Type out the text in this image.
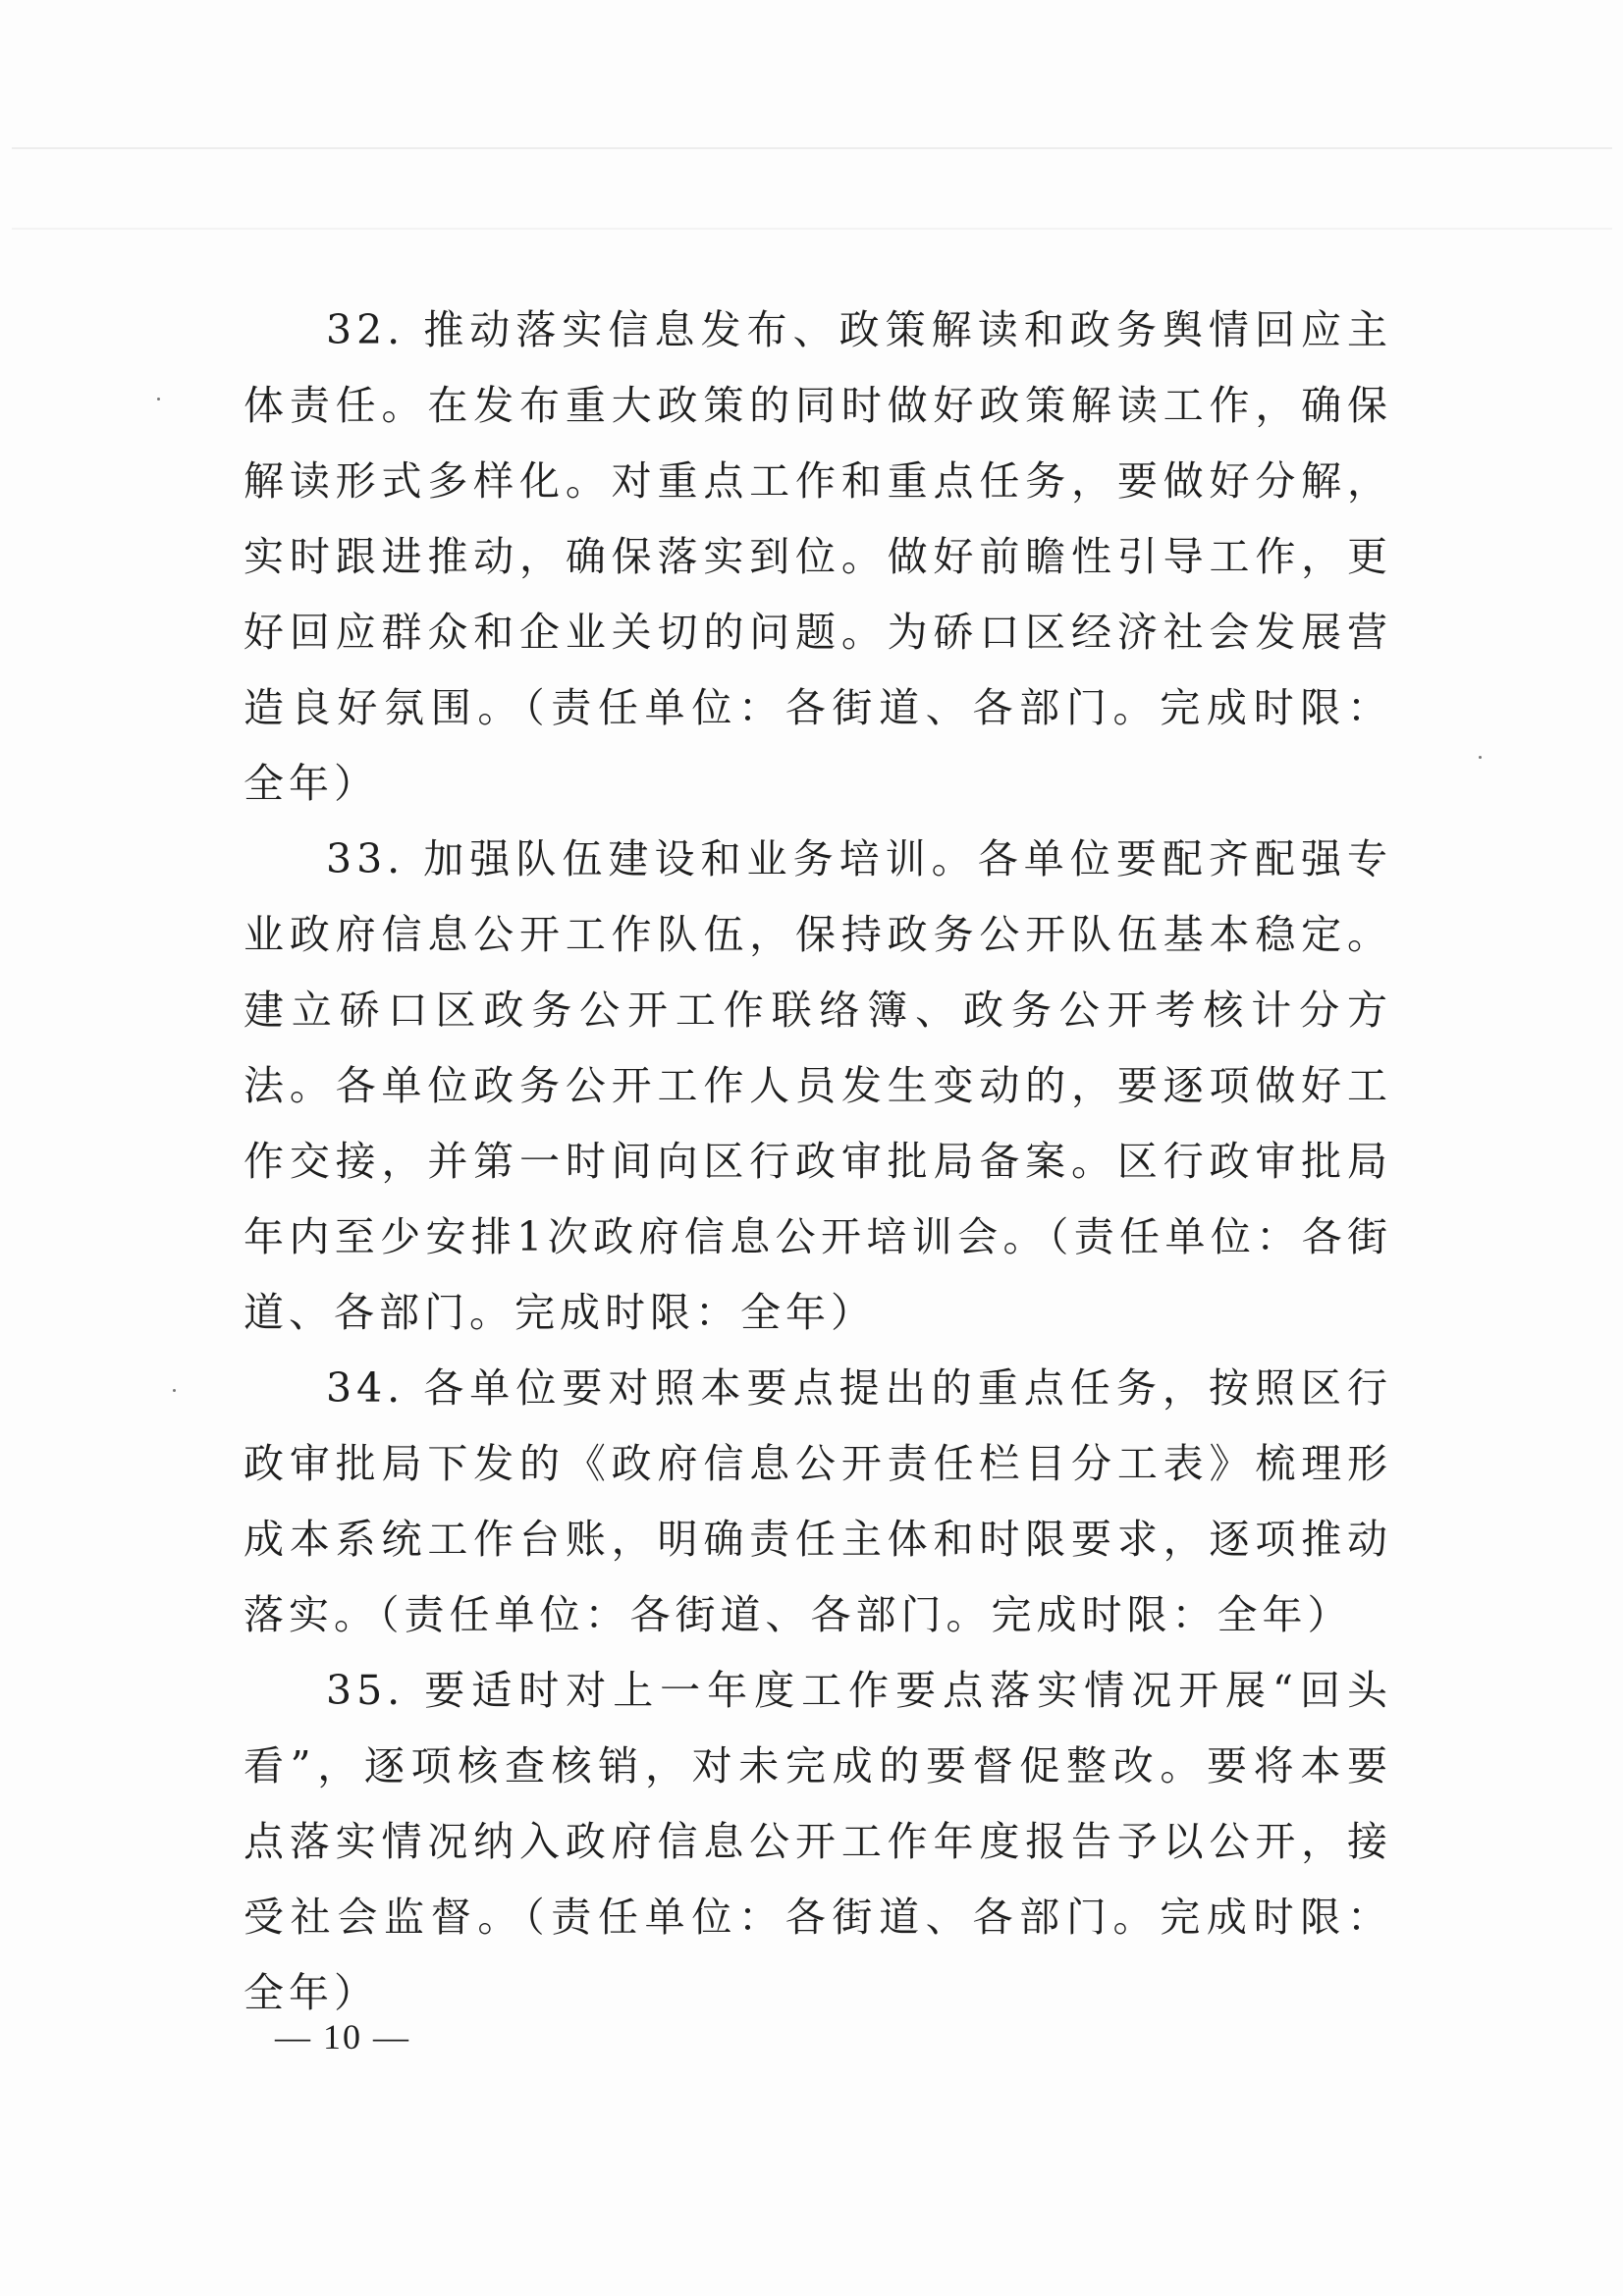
32. 推动落实信息发布、政策解读和政务舆情回应主体责任。在发布重大政策的同时做好政策解读工作，确保解读形式多样化。对重点工作和重点任务，要做好分解，实时跟进推动，确保落实到位。做好前瞻性引导工作，更好回应群众和企业关切的问题。为硚口区经济社会发展营造良好氛围。（责任单位：各街道、各部门。完成时限：全年）

33. 加强队伍建设和业务培训。各单位要配齐配强专业政府信息公开工作队伍，保持政务公开队伍基本稳定。建立硚口区政务公开工作联络簿、政务公开考核计分方法。各单位政务公开工作人员发生变动的，要逐项做好工作交接，并第一时间向区行政审批局备案。区行政审批局年内至少安排1次政府信息公开培训会。（责任单位：各街道、各部门。完成时限：全年）

34. 各单位要对照本要点提出的重点任务，按照区行政审批局下发的《政府信息公开责任栏目分工表》梳理形成本系统工作台账，明确责任主体和时限要求，逐项推动落实。（责任单位：各街道、各部门。完成时限：全年）

35. 要适时对上一年度工作要点落实情况开展“回头看”，逐项核查核销，对未完成的要督促整改。要将本要点落实情况纳入政府信息公开工作年度报告予以公开，接受社会监督。（责任单位：各街道、各部门。完成时限：全年）

— 10 —
